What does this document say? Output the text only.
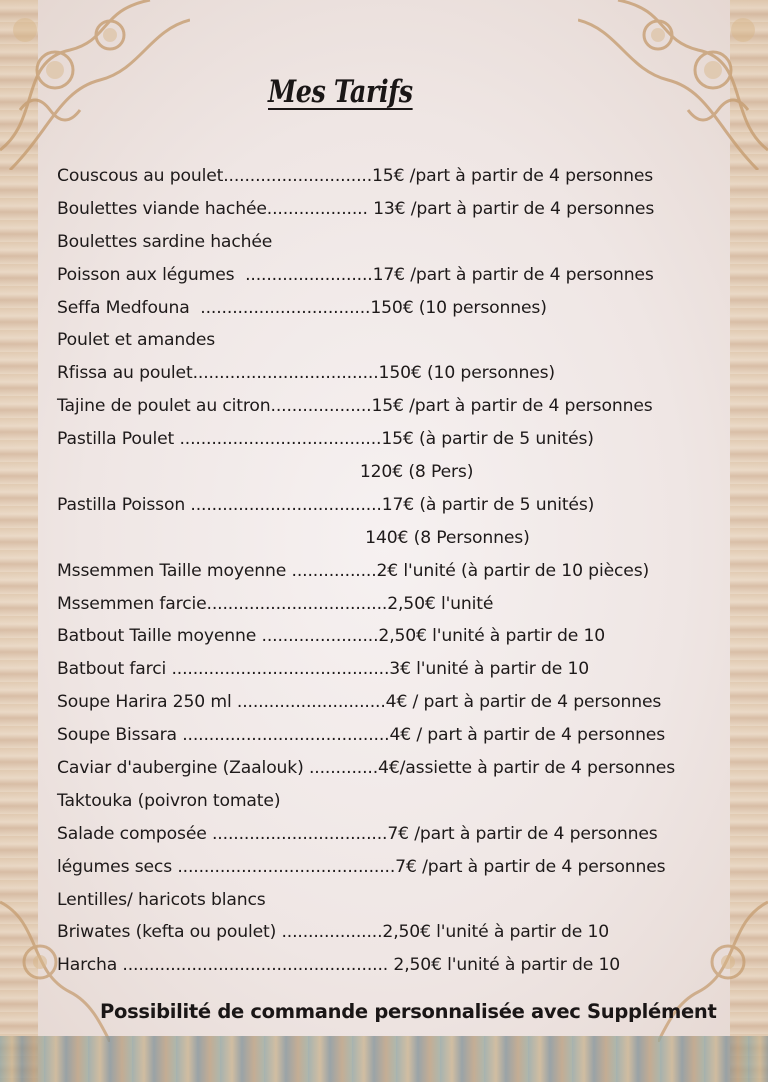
Mes Tarifs
Couscous au poulet............................15€ /part à partir de 4 personnes
Boulettes viande hachée................... 13€ /part à partir de 4 personnes
Boulettes sardine hachée
Poisson aux légumes  ........................17€ /part à partir de 4 personnes
Seffa Medfouna  ................................150€ (10 personnes)
Poulet et amandes
Rfissa au poulet...................................150€ (10 personnes)
Tajine de poulet au citron...................15€ /part à partir de 4 personnes
Pastilla Poulet ......................................15€ (à partir de 5 unités)
120€ (8 Pers)
Pastilla Poisson ....................................17€ (à partir de 5 unités)
140€ (8 Personnes)
Mssemmen Taille moyenne ................2€ l'unité (à partir de 10 pièces)
Mssemmen farcie..................................2,50€ l'unité
Batbout Taille moyenne ......................2,50€ l'unité à partir de 10
Batbout farci .........................................3€ l'unité à partir de 10
Soupe Harira 250 ml ............................4€ / part à partir de 4 personnes
Soupe Bissara .......................................4€ / part à partir de 4 personnes
Caviar d'aubergine (Zaalouk) .............4€/assiette à partir de 4 personnes
Taktouka (poivron tomate)
Salade composée .................................7€ /part à partir de 4 personnes
légumes secs .........................................7€ /part à partir de 4 personnes
Lentilles/ haricots blancs
Briwates (kefta ou poulet) ...................2,50€ l'unité à partir de 10
Harcha .................................................. 2,50€ l'unité à partir de 10
Possibilité de commande personnalisée avec Supplément
